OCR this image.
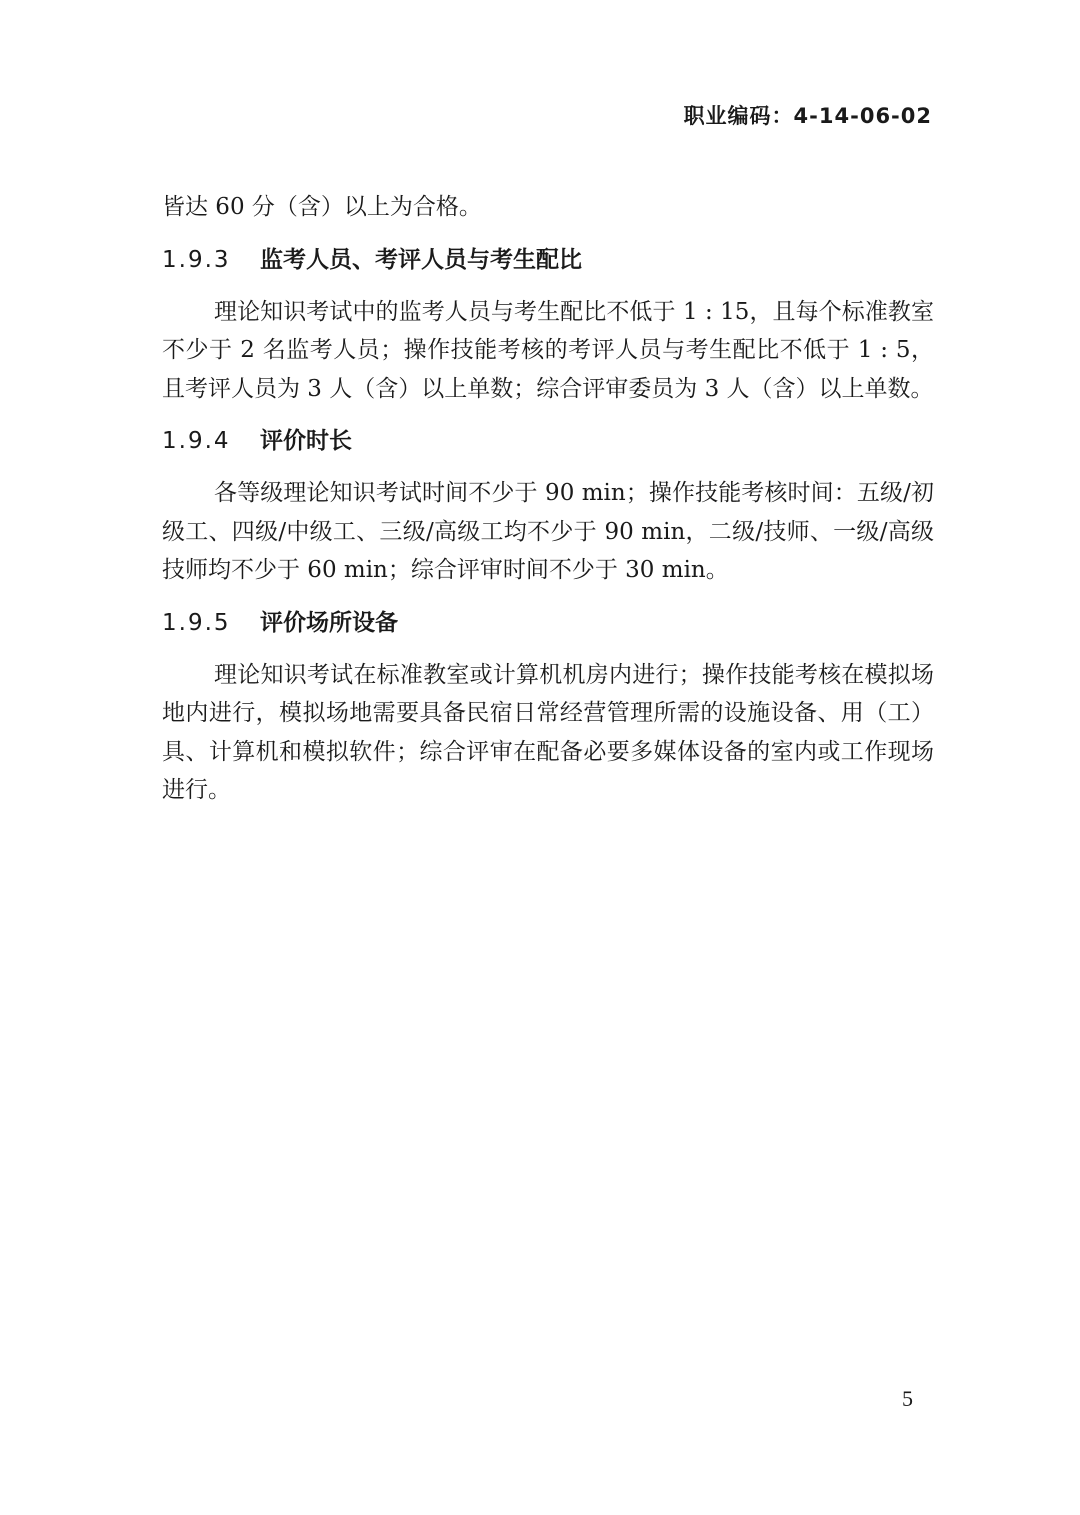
职业编码：4-14-06-02

皆达 60 分（含）以上为合格。

1.9.3	监考人员、考评人员与考生配比

理论知识考试中的监考人员与考生配比不低于 1 : 15，且每个标准教室不少于 2 名监考人员；操作技能考核的考评人员与考生配比不低于 1 : 5，且考评人员为 3 人（含）以上单数；综合评审委员为 3 人（含）以上单数。

1.9.4	评价时长

各等级理论知识考试时间不少于 90 min；操作技能考核时间：五级/初级工、四级/中级工、三级/高级工均不少于 90 min，二级/技师、一级/高级技师均不少于 60 min；综合评审时间不少于 30 min。

1.9.5	评价场所设备

理论知识考试在标准教室或计算机机房内进行；操作技能考核在模拟场地内进行，模拟场地需要具备民宿日常经营管理所需的设施设备、用（工）具、计算机和模拟软件；综合评审在配备必要多媒体设备的室内或工作现场进行。

5
